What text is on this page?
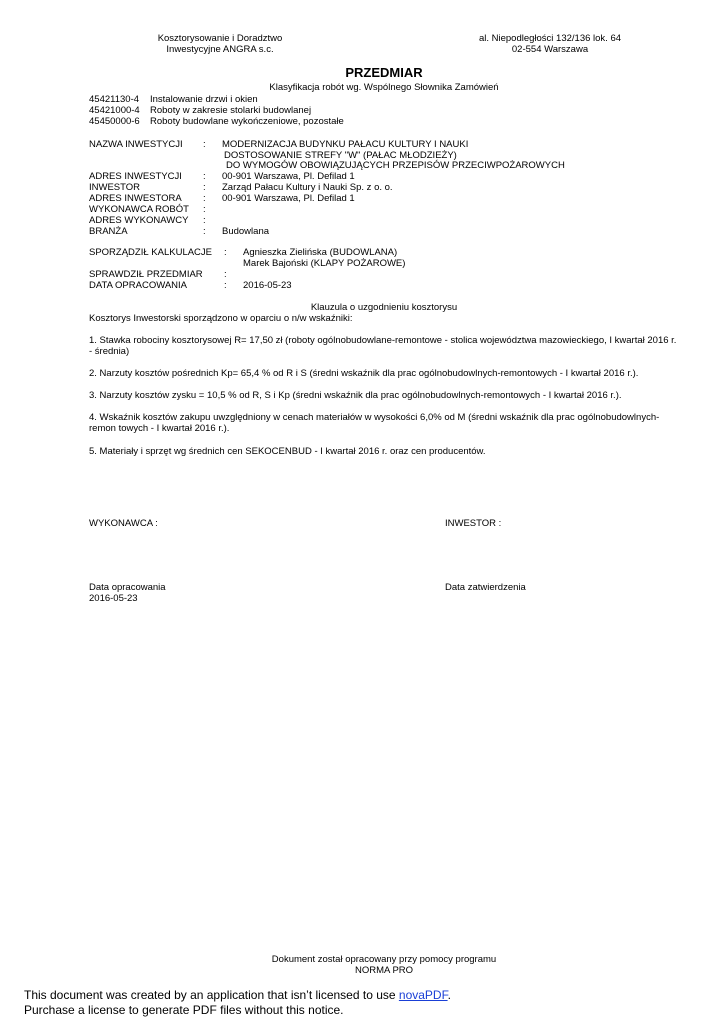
Kosztorysowanie i Doradztwo
Inwestycyjne ANGRA s.c.
al. Niepodległości 132/136 lok. 64
02-554 Warszawa
PRZEDMIAR
Klasyfikacja robót wg. Wspólnego Słownika Zamówień
45421130-4 Instalowanie drzwi i okien
45421000-4 Roboty w zakresie stolarki budowlanej
45450000-6 Roboty budowlane wykończeniowe, pozostałe
NAZWA INWESTYCJI : MODERNIZACJA BUDYNKU PAŁACU KULTURY I NAUKI
DOSTOSOWANIE STREFY "W" (PAŁAC MŁODZIEŻY)
DO WYMOGÓW OBOWIĄZUJĄCYCH PRZEPISÓW PRZECIWPOŻAROWYCH
ADRES INWESTYCJI : 00-901 Warszawa, Pl. Defilad 1
INWESTOR	: Zarząd Pałacu Kultury i Nauki Sp. z o. o.
ADRES INWESTORA : 00-901 Warszawa, Pl. Defilad 1
WYKONAWCA ROBÓT :
ADRES WYKONAWCY :
BRANŻA	: Budowlana
SPORZĄDZIŁ KALKULACJE : Agnieszka Zielińska (BUDOWLANA)
Marek Bajoński (KLAPY POŻAROWE)
SPRAWDZIŁ PRZEDMIAR :
DATA OPRACOWANIA	: 2016-05-23
Klauzula o uzgodnieniu kosztorysu
Kosztorys Inwestorski sporządzono w oparciu o n/w wskaźniki:
1. Stawka robociny kosztorysowej R= 17,50 zł (roboty ogólnobudowlane-remontowe - stolica województwa mazowieckiego, I kwartał 2016 r. - średnia)
2. Narzuty kosztów pośrednich Kp= 65,4 % od R i S (średni wskaźnik dla prac ogólnobudowlnych-remontowych - I kwartał 2016 r.).
3. Narzuty kosztów zysku = 10,5 % od R, S i Kp (średni wskaźnik dla prac ogólnobudowlnych-remontowych - I kwartał 2016 r.).
4. Wskaźnik kosztów zakupu uwzględniony w cenach materiałów w wysokości 6,0% od M (średni wskaźnik dla prac ogólnobudowlnych-remon towych - I kwartał 2016 r.).
5. Materiały i sprzęt wg średnich cen SEKOCENBUD - I kwartał 2016 r. oraz cen producentów.
WYKONAWCA :	INWESTOR :
Data opracowania
2016-05-23
Data zatwierdzenia
Dokument został opracowany przy pomocy programu
NORMA PRO
This document was created by an application that isn’t licensed to use novaPDF.
Purchase a license to generate PDF files without this notice.
